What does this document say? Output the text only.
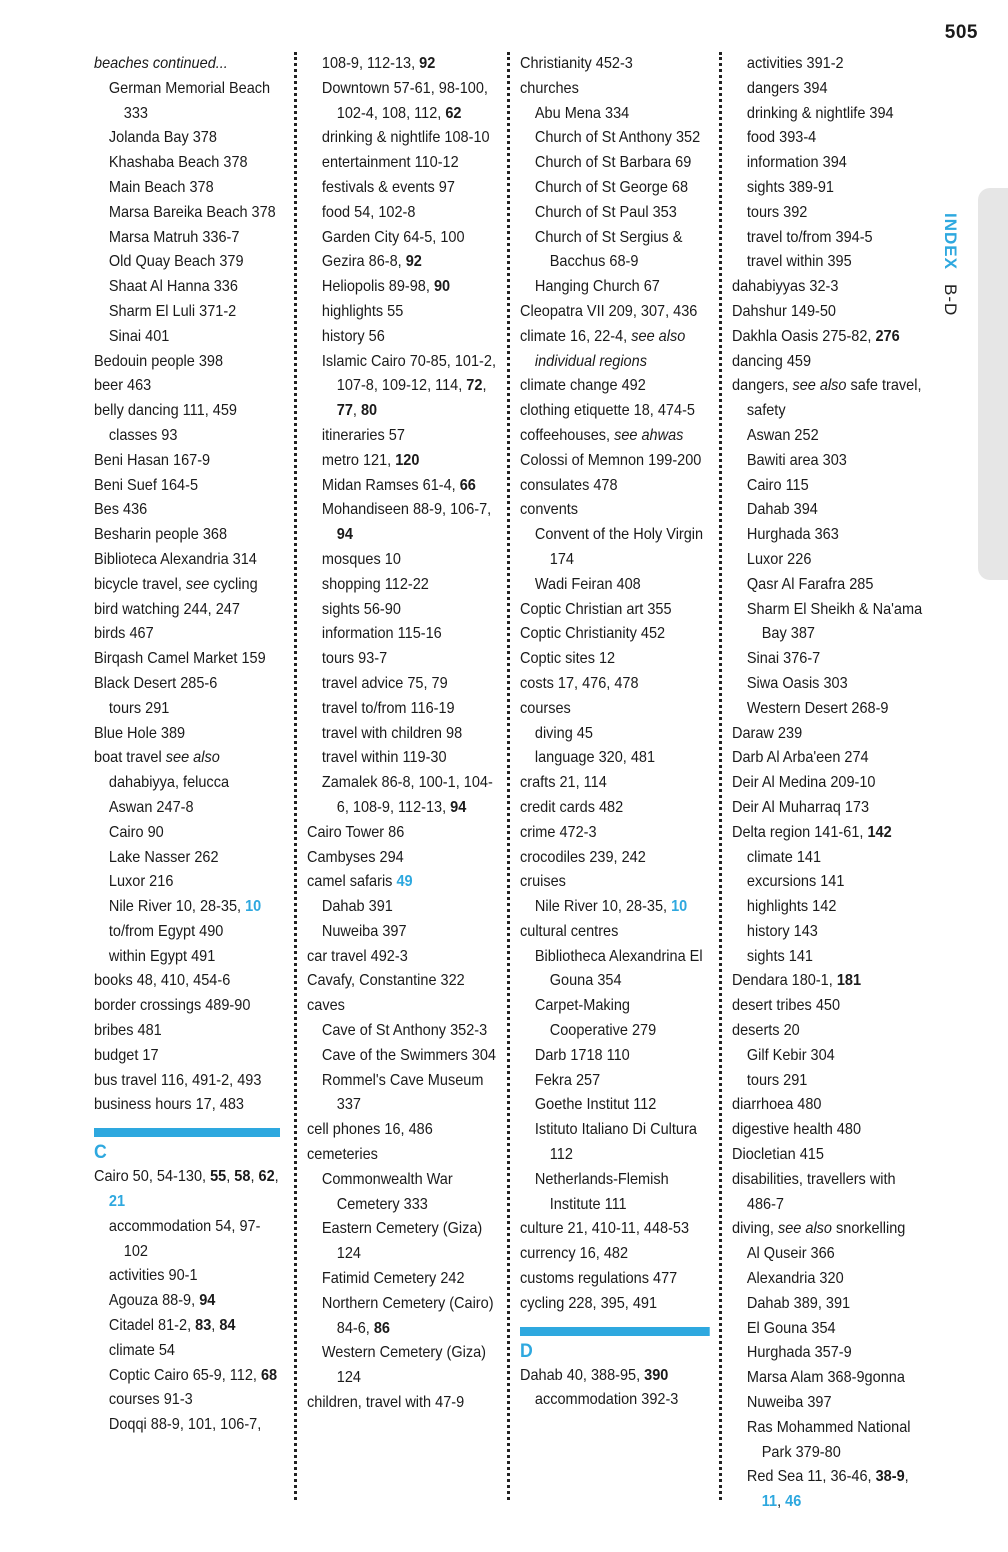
505
INDEX B-D
beaches continued...
German Memorial Beach 333
Jolanda Bay 378
Khashaba Beach 378
Main Beach 378
Marsa Bareika Beach 378
Marsa Matruh 336-7
Old Quay Beach 379
Shaat Al Hanna 336
Sharm El Luli 371-2
Sinai 401
Bedouin people 398
beer 463
belly dancing 111, 459
classes 93
Beni Hasan 167-9
Beni Suef 164-5
Bes 436
Besharin people 368
Biblioteca Alexandria 314
bicycle travel, see cycling
bird watching 244, 247
birds 467
Birqash Camel Market 159
Black Desert 285-6
tours 291
Blue Hole 389
boat travel see also dahabiyya, felucca
Aswan 247-8
Cairo 90
Lake Nasser 262
Luxor 216
Nile River 10, 28-35, 10
to/from Egypt 490
within Egypt 491
books 48, 410, 454-6
border crossings 489-90
bribes 481
budget 17
bus travel 116, 491-2, 493
business hours 17, 483
C
Cairo 50, 54-130, 55, 58, 62, 21
accommodation 54, 97-102
activities 90-1
Agouza 88-9, 94
Citadel 81-2, 83, 84
climate 54
Coptic Cairo 65-9, 112, 68
courses 91-3
Doqqi 88-9, 101, 106-7,
108-9, 112-13, 92
Downtown 57-61, 98-100, 102-4, 108, 112, 62
drinking & nightlife 108-10
entertainment 110-12
festivals & events 97
food 54, 102-8
Garden City 64-5, 100
Gezira 86-8, 92
Heliopolis 89-98, 90
highlights 55
history 56
Islamic Cairo 70-85, 101-2, 107-8, 109-12, 114, 72, 77, 80
itineraries 57
metro 121, 120
Midan Ramses 61-4, 66
Mohandiseen 88-9, 106-7, 94
mosques 10
shopping 112-22
sights 56-90
information 115-16
tours 93-7
travel advice 75, 79
travel to/from 116-19
travel with children 98
travel within 119-30
Zamalek 86-8, 100-1, 104-6, 108-9, 112-13, 94
Cairo Tower 86
Cambyses 294
camel safaris 49
Dahab 391
Nuweiba 397
car travel 492-3
Cavafy, Constantine 322
caves
Cave of St Anthony 352-3
Cave of the Swimmers 304
Rommel's Cave Museum 337
cell phones 16, 486
cemeteries
Commonwealth War Cemetery 333
Eastern Cemetery (Giza) 124
Fatimid Cemetery 242
Northern Cemetery (Cairo) 84-6, 86
Western Cemetery (Giza) 124
children, travel with 47-9
Christianity 452-3
churches
Abu Mena 334
Church of St Anthony 352
Church of St Barbara 69
Church of St George 68
Church of St Paul 353
Church of St Sergius & Bacchus 68-9
Hanging Church 67
Cleopatra VII 209, 307, 436
climate 16, 22-4, see also individual regions
climate change 492
clothing etiquette 18, 474-5
coffeehouses, see ahwas
Colossi of Memnon 199-200
consulates 478
convents
Convent of the Holy Virgin 174
Wadi Feiran 408
Coptic Christian art 355
Coptic Christianity 452
Coptic sites 12
costs 17, 476, 478
courses
diving 45
language 320, 481
crafts 21, 114
credit cards 482
crime 472-3
crocodiles 239, 242
cruises
Nile River 10, 28-35, 10
cultural centres
Bibliotheca Alexandrina El Gouna 354
Carpet-Making Cooperative 279
Darb 1718 110
Fekra 257
Goethe Institut 112
Istituto Italiano Di Cultura 112
Netherlands-Flemish Institute 111
culture 21, 410-11, 448-53
currency 16, 482
customs regulations 477
cycling 228, 395, 491
D
Dahab 40, 388-95, 390
accommodation 392-3
activities 391-2
dangers 394
drinking & nightlife 394
food 393-4
information 394
sights 389-91
tours 392
travel to/from 394-5
travel within 395
dahabiyyas 32-3
Dahshur 149-50
Dakhla Oasis 275-82, 276
dancing 459
dangers, see also safe travel, safety
Aswan 252
Bawiti area 303
Cairo 115
Dahab 394
Hurghada 363
Luxor 226
Qasr Al Farafra 285
Sharm El Sheikh & Na'ama Bay 387
Sinai 376-7
Siwa Oasis 303
Western Desert 268-9
Daraw 239
Darb Al Arba'een 274
Deir Al Medina 209-10
Deir Al Muharraq 173
Delta region 141-61, 142
climate 141
excursions 141
highlights 142
history 143
sights 141
Dendara 180-1, 181
desert tribes 450
deserts 20
Gilf Kebir 304
tours 291
diarrhoea 480
digestive health 480
Diocletian 415
disabilities, travellers with 486-7
diving, see also snorkelling
Al Quseir 366
Alexandria 320
Dahab 389, 391
El Gouna 354
Hurghada 357-9
Marsa Alam 368-9gonna
Nuweiba 397
Ras Mohammed National Park 379-80
Red Sea 11, 36-46, 38-9, 11, 46
